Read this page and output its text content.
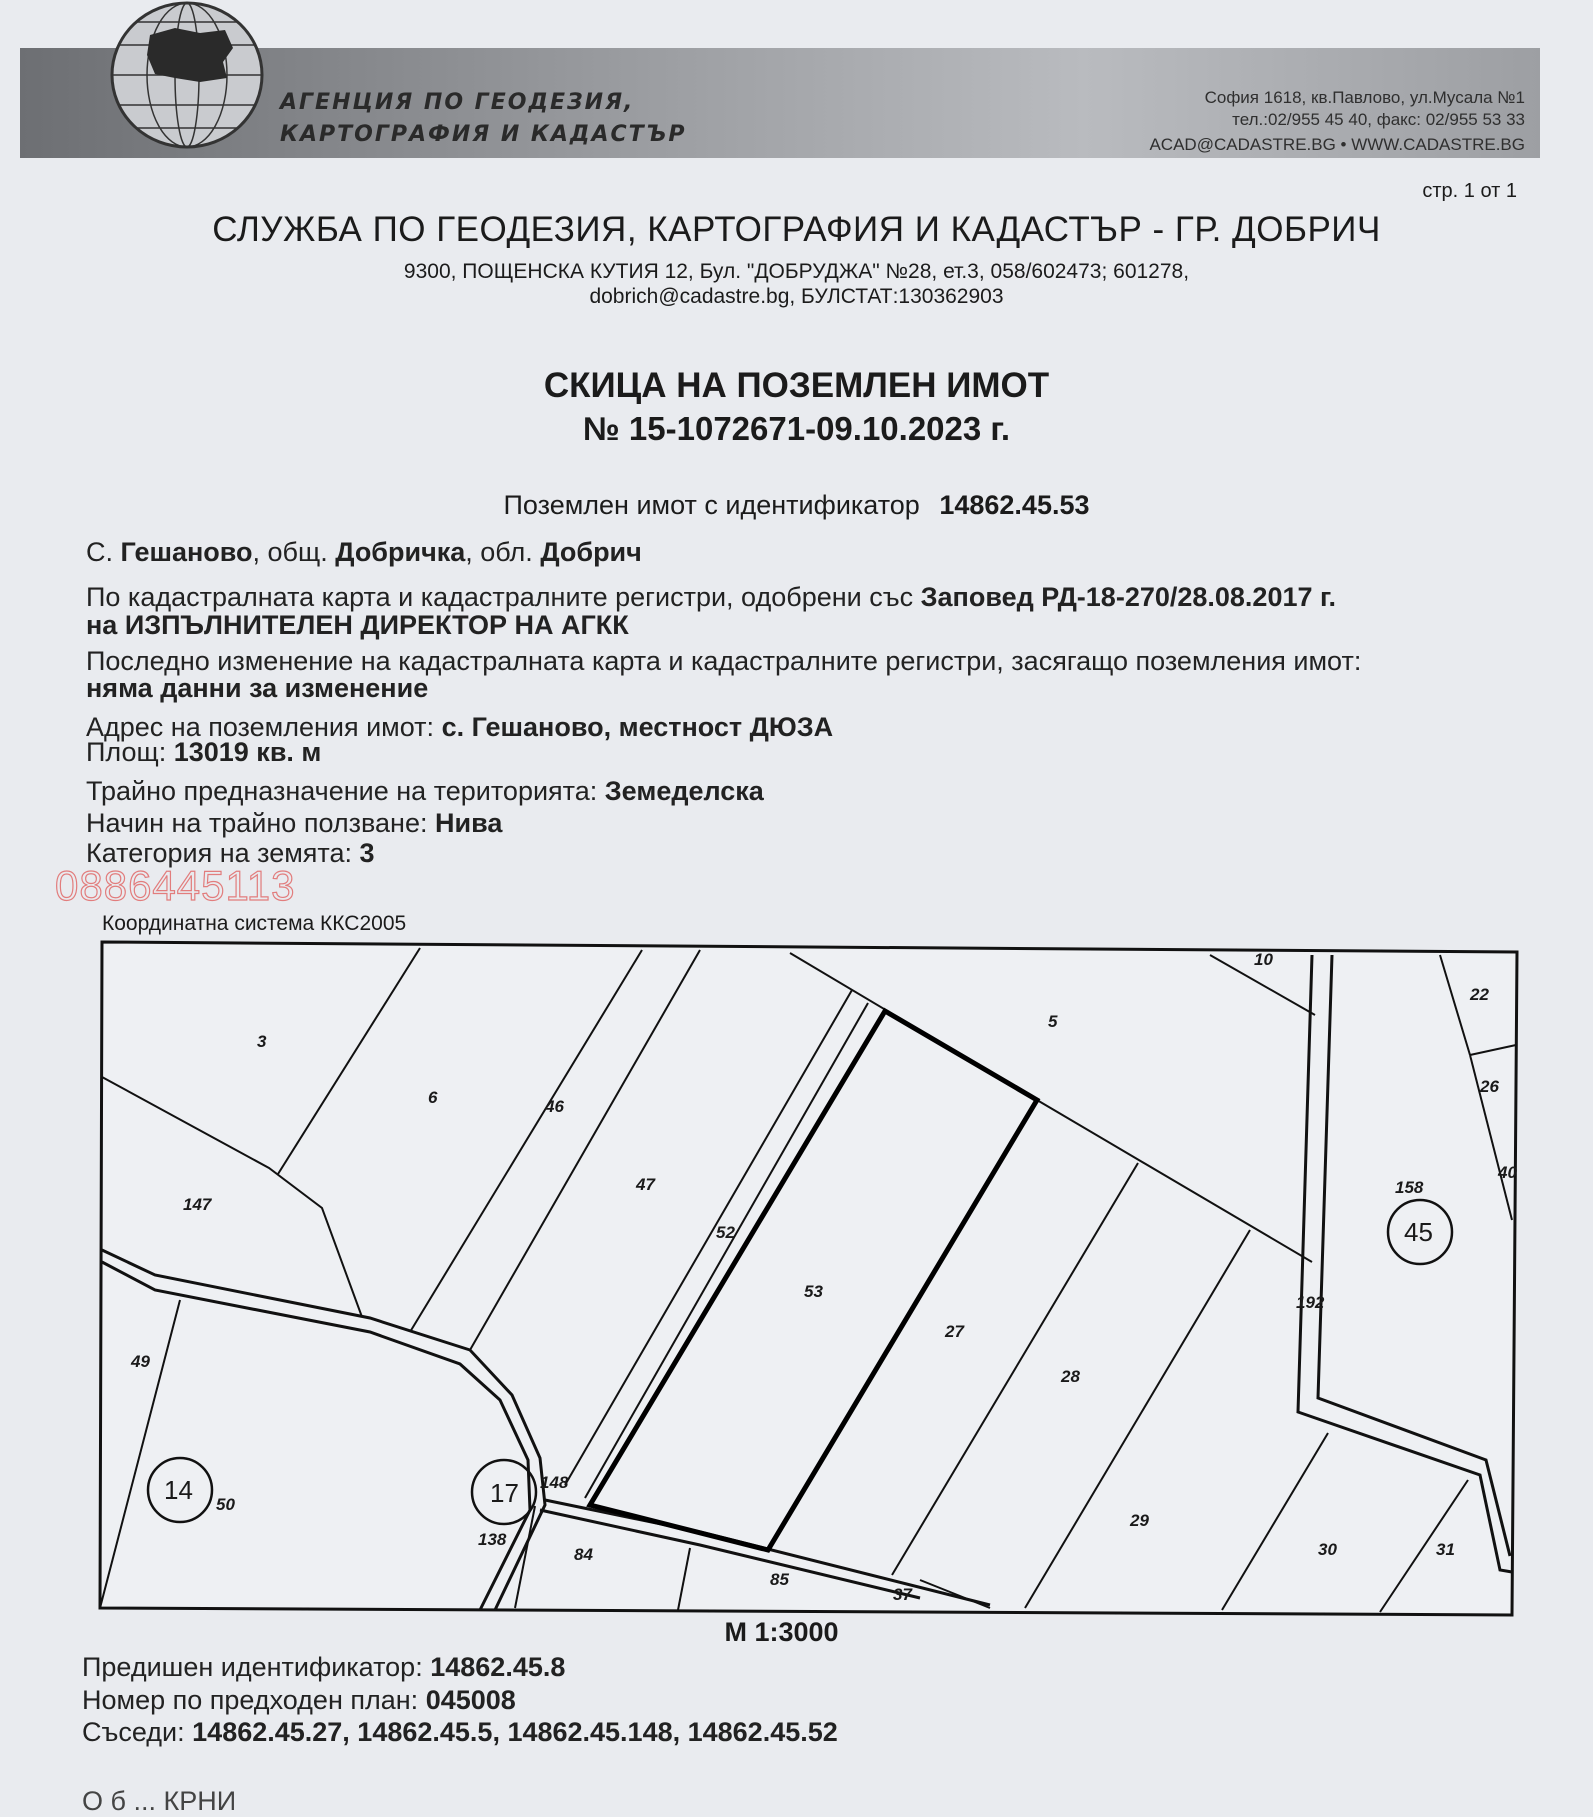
АГЕНЦИЯ ПО ГЕОДЕЗИЯ,
КАРТОГРАФИЯ И КАДАСТЪР
София 1618, кв.Павлово, ул.Мусала №1
тел.:02/955 45 40, факс: 02/955 53 33
ACAD@CADASTRE.BG • WWW.CADASTRE.BG
стр. 1 от 1
СЛУЖБА ПО ГЕОДЕЗИЯ, КАРТОГРАФИЯ И КАДАСТЪР - ГР. ДОБРИЧ
9300, ПОЩЕНСКА КУТИЯ 12, Бул. "ДОБРУДЖА" №28, ет.3, 058/602473; 601278,
dobrich@cadastre.bg, БУЛСТАТ:130362903
СКИЦА НА ПОЗЕМЛЕН ИМОТ
№ 15-1072671-09.10.2023 г.
Поземлен имот с идентификатор 14862.45.53
С. Гешаново, общ. Добричка, обл. Добрич
По кадастралната карта и кадастралните регистри, одобрени със Заповед РД-18-270/28.08.2017 г.
на ИЗПЪЛНИТЕЛЕН ДИРЕКТОР НА АГКК
Последно изменение на кадастралната карта и кадастралните регистри, засягащо поземления имот:
няма данни за изменение
Адрес на поземления имот: с. Гешаново, местност ДЮЗА
Площ: 13019 кв. м
Трайно предназначение на територията: Земеделска
Начин на трайно ползване: Нива
Категория на земята: 3
0886445113
Координатна система ККС2005
3
6	46
47
52
53
5
10
22
26
40
158
147
49
50
148
138
84
85
37
27
28
29
30	31
192
14	17
45
М 1:3000
Предишен идентификатор: 14862.45.8
Номер по предходен план: 045008
Съседи: 14862.45.27, 14862.45.5, 14862.45.148, 14862.45.52
О б ... КРНИ
